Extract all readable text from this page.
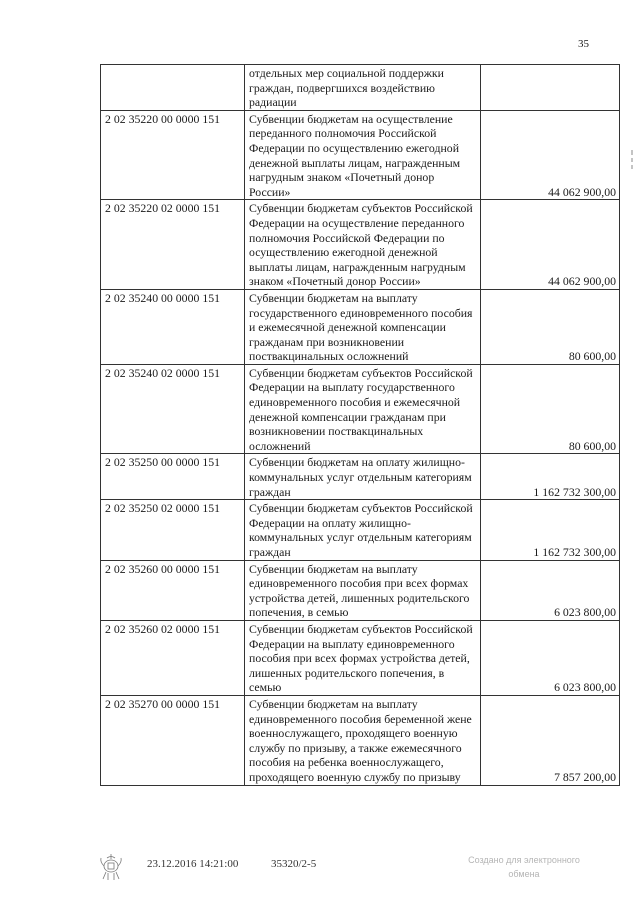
35
	отдельных мер социальной поддержки граждан, подвергшихся воздействию радиации	
2 02 35220 00 0000 151	Субвенции бюджетам на осуществление переданного полномочия Российской Федерации по осуществлению ежегодной денежной выплаты лицам, награжденным нагрудным знаком «Почетный донор России»	44 062 900,00
2 02 35220 02 0000 151	Субвенции бюджетам субъектов Российской Федерации на осуществление переданного полномочия Российской Федерации по осуществлению ежегодной денежной выплаты лицам, награжденным нагрудным знаком «Почетный донор России»	44 062 900,00
2 02 35240 00 0000 151	Субвенции бюджетам на выплату государственного единовременного пособия и ежемесячной денежной компенсации гражданам при возникновении поствакцинальных осложнений	80 600,00
2 02 35240 02 0000 151	Субвенции бюджетам субъектов Российской Федерации на выплату государственного единовременного пособия и ежемесячной денежной компенсации гражданам при возникновении поствакцинальных осложнений	80 600,00
2 02 35250 00 0000 151	Субвенции бюджетам на оплату жилищно-коммунальных услуг отдельным категориям граждан	1 162 732 300,00
2 02 35250 02 0000 151	Субвенции бюджетам субъектов Российской Федерации на оплату жилищно-коммунальных услуг отдельным категориям граждан	1 162 732 300,00
2 02 35260 00 0000 151	Субвенции бюджетам на выплату единовременного пособия при всех формах устройства детей, лишенных родительского попечения, в семью	6 023 800,00
2 02 35260 02 0000 151	Субвенции бюджетам субъектов Российской Федерации на выплату единовременного пособия при всех формах устройства детей, лишенных родительского попечения, в семью	6 023 800,00
2 02 35270 00 0000 151	Субвенции бюджетам на выплату единовременного пособия беременной жене военнослужащего, проходящего военную службу по призыву, а также ежемесячного пособия на ребенка военнослужащего, проходящего военную службу по призыву	7 857 200,00
23.12.2016 14:21:00	35320/2-5	Создано для электронного
обмена
